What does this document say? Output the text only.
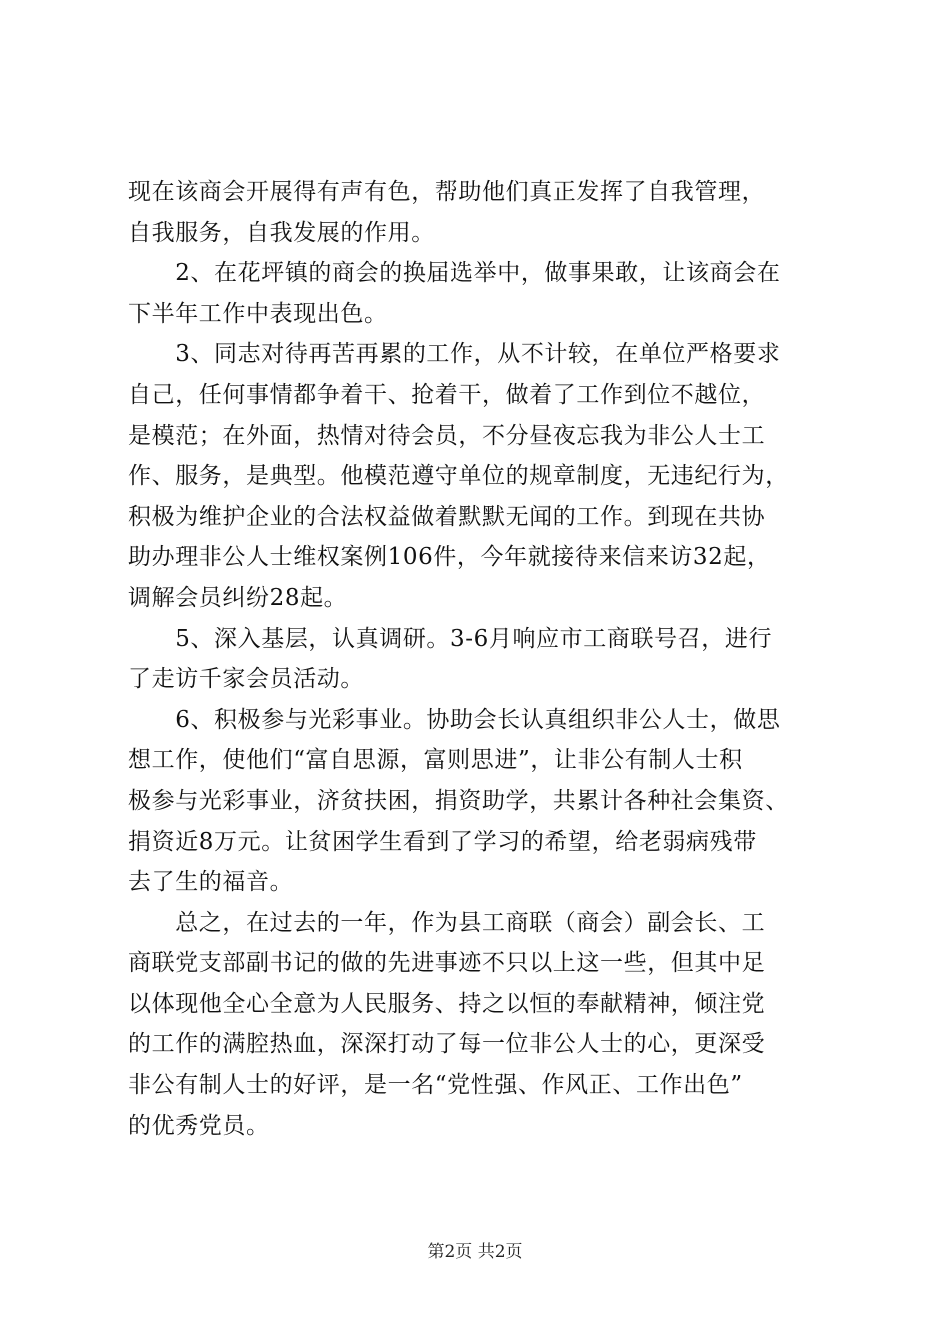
现在该商会开展得有声有色，帮助他们真正发挥了自我管理，
自我服务，自我发展的作用。
　　2、在花坪镇的商会的换届选举中，做事果敢，让该商会在
下半年工作中表现出色。
　　3、同志对待再苦再累的工作，从不计较，在单位严格要求
自己，任何事情都争着干、抢着干，做着了工作到位不越位，
是模范；在外面，热情对待会员，不分昼夜忘我为非公人士工
作、服务，是典型。他模范遵守单位的规章制度，无违纪行为，
积极为维护企业的合法权益做着默默无闻的工作。到现在共协
助办理非公人士维权案例106件，今年就接待来信来访32起，
调解会员纠纷28起。
　　5、深入基层，认真调研。3-6月响应市工商联号召，进行
了走访千家会员活动。
　　6、积极参与光彩事业。协助会长认真组织非公人士，做思
想工作，使他们“富自思源，富则思进”，让非公有制人士积
极参与光彩事业，济贫扶困，捐资助学，共累计各种社会集资、
捐资近8万元。让贫困学生看到了学习的希望，给老弱病残带
去了生的福音。
　　总之，在过去的一年，作为县工商联（商会）副会长、工
商联党支部副书记的做的先进事迹不只以上这一些，但其中足
以体现他全心全意为人民服务、持之以恒的奉献精神，倾注党
的工作的满腔热血，深深打动了每一位非公人士的心，更深受
非公有制人士的好评，是一名“党性强、作风正、工作出色”
的优秀党员。
第2页 共2页
